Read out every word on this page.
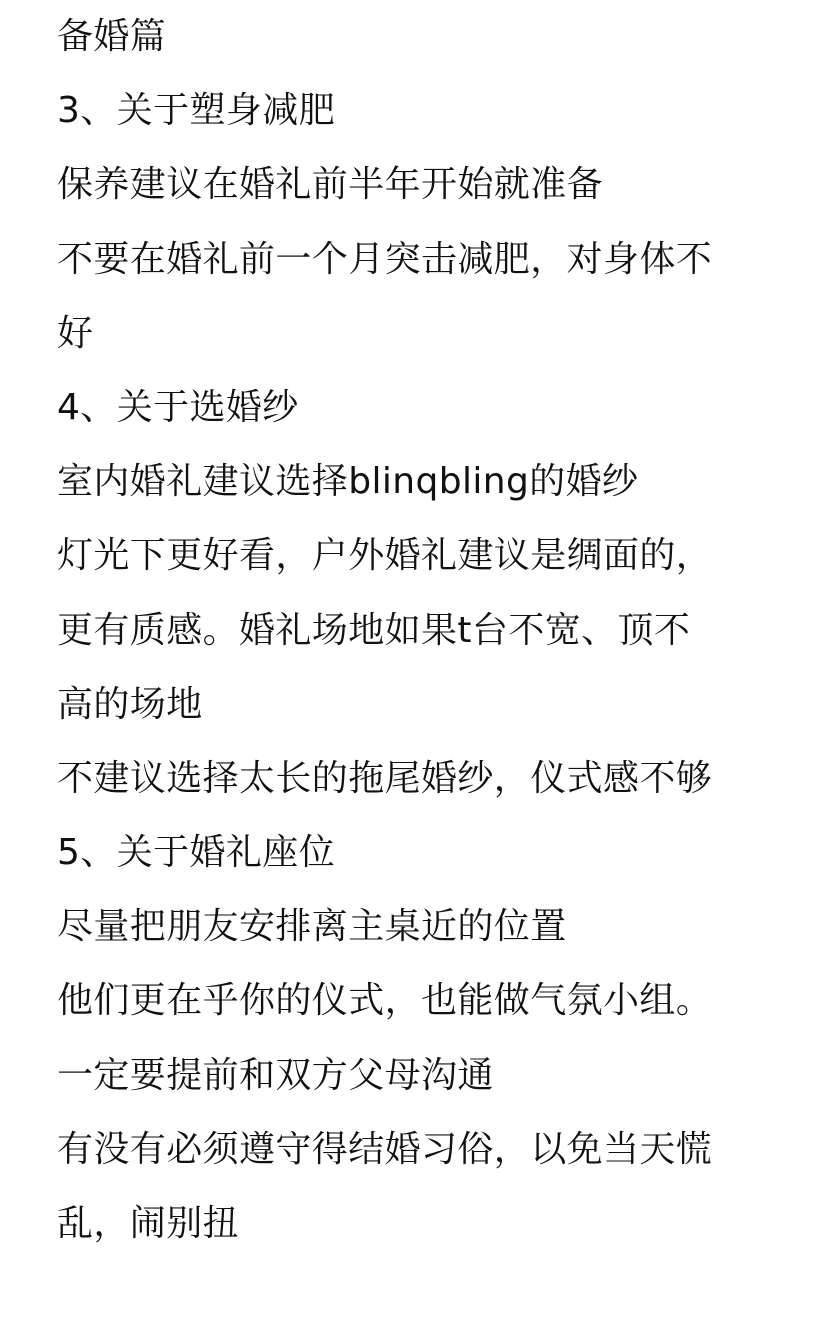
备婚篇
3、关于塑身减肥
保养建议在婚礼前半年开始就准备
不要在婚礼前一个月突击减肥，对身体不
好
4、关于选婚纱
室内婚礼建议选择blinqbling的婚纱
灯光下更好看，户外婚礼建议是绸面的，
更有质感。婚礼场地如果t台不宽、顶不
高的场地
不建议选择太长的拖尾婚纱，仪式感不够
5、关于婚礼座位
尽量把朋友安排离主桌近的位置
他们更在乎你的仪式，也能做气氛小组。
一定要提前和双方父母沟通
有没有必须遵守得结婚习俗，以免当天慌
乱，闹别扭
